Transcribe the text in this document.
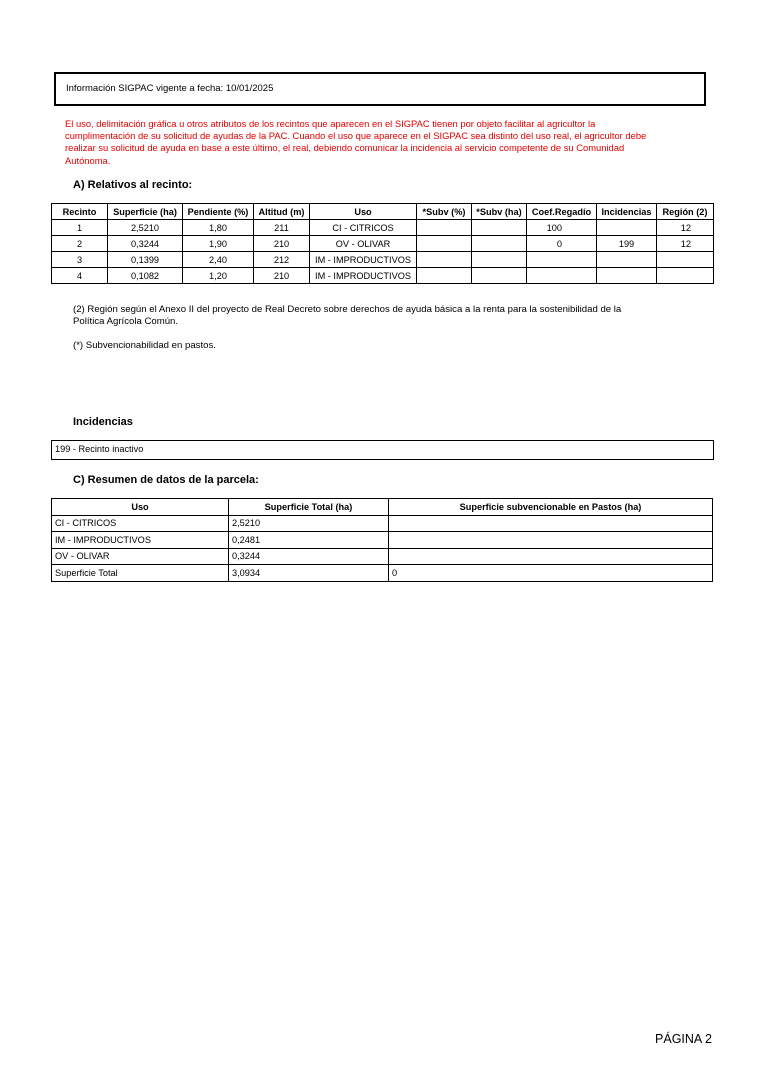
Información SIGPAC vigente a fecha: 10/01/2025
El uso, delimitación gráfica u otros atributos de los recintos que aparecen en el SIGPAC tienen por objeto facilitar al agricultor la
cumplimentación de su solicitud de ayudas de la PAC. Cuando el uso que aparece en el SIGPAC sea distinto del uso real, el agricultor debe
realizar su solicitud de ayuda en base a este último, el real, debiendo comunicar la incidencia al servicio competente de su Comunidad
Autónoma.
A) Relativos al recinto:
Recinto	Superficie (ha)	Pendiente (%)	Altitud (m)	Uso	*Subv (%)	*Subv (ha)	Coef.Regadío	Incidencias	Región (2)
1	2,5210	1,80	211	CI - CITRICOS			100		12
2	0,3244	1,90	210	OV - OLIVAR			0	199	12
3	0,1399	2,40	212	IM - IMPRODUCTIVOS					
4	0,1082	1,20	210	IM - IMPRODUCTIVOS					
(2) Región según el Anexo II del proyecto de Real Decreto sobre derechos de ayuda básica a la renta para la sostenibilidad de la
Política Agrícola Común.
(*) Subvencionabilidad en pastos.
Incidencias
199 - Recinto inactivo
C) Resumen de datos de la parcela:
Uso	Superficie Total (ha)	Superficie subvencionable en Pastos (ha)
CI - CITRICOS	2,5210	
IM - IMPRODUCTIVOS	0,2481	
OV - OLIVAR	0,3244	
Superficie Total	3,0934	0
PÁGINA 2
